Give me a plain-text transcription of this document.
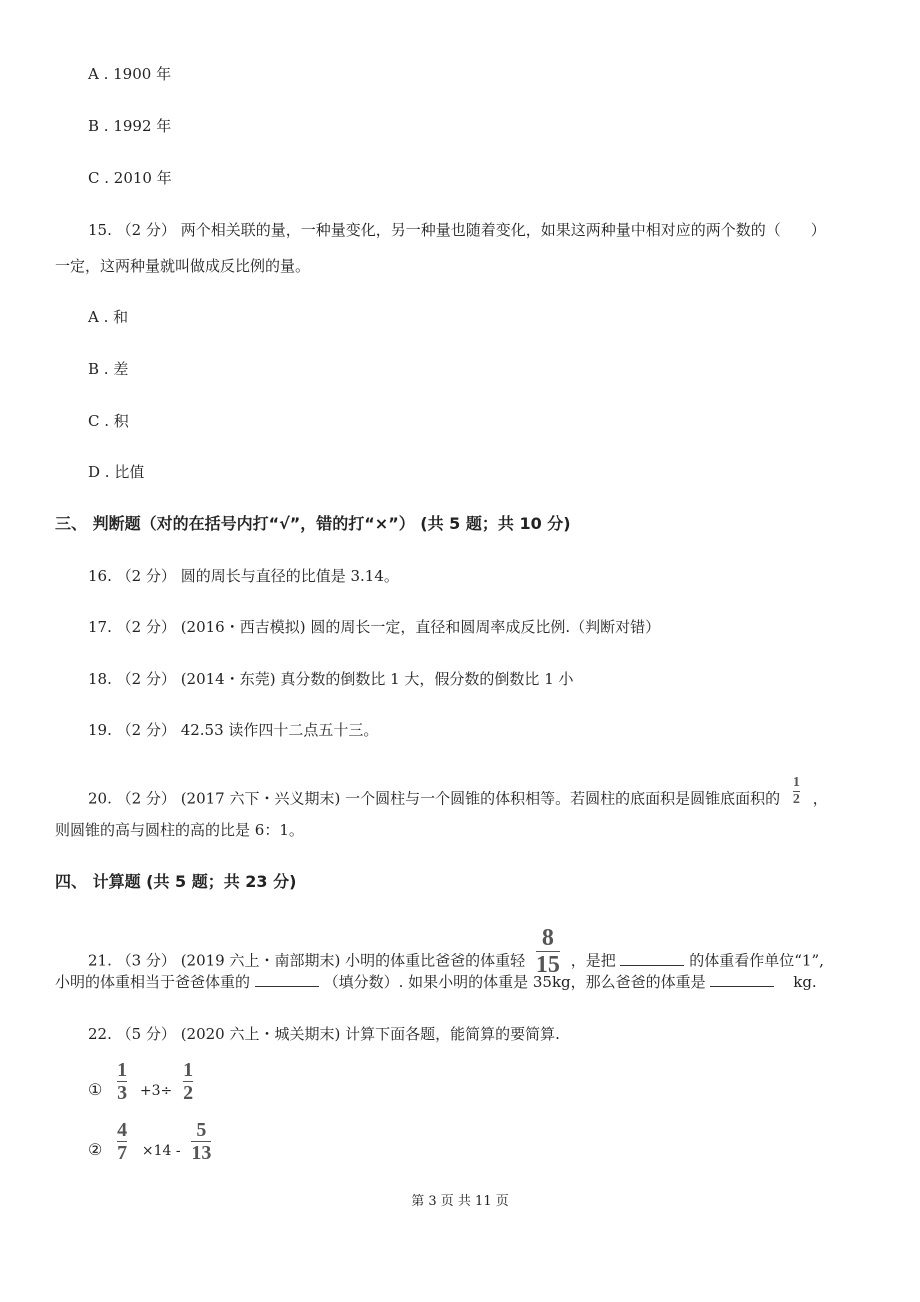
A . 1900 年
B . 1992 年
C . 2010 年
15. （2 分） 两个相关联的量，一种量变化，另一种量也随着变化，如果这两种量中相对应的两个数的（　　）
一定，这两种量就叫做成反比例的量。
A . 和
B . 差
C . 积
D . 比值
三、 判断题（对的在括号内打“√”，错的打“×”） (共 5 题；共 10 分)
16. （2 分） 圆的周长与直径的比值是 3.14。
17. （2 分） (2016・西吉模拟) 圆的周长一定，直径和圆周率成反比例.（判断对错）
18. （2 分） (2014・东莞) 真分数的倒数比 1 大，假分数的倒数比 1 小
19. （2 分） 42.53 读作四十二点五十三。
20. （2 分） (2017 六下・兴义期末) 一个圆柱与一个圆锥的体积相等。若圆柱的底面积是圆锥底面积的 $\frac{1}{2}$ ，
则圆锥的高与圆柱的高的比是 6：1。
四、 计算题 (共 5 题；共 23 分)
21. （3 分） (2019 六上・南部期末) 小明的体重比爸爸的体重轻 $\frac{8}{15}$ ，是把	的体重看作单位“1”,
小明的体重相当于爸爸体重的	（填分数）. 如果小明的体重是 35kg，那么爸爸的体重是	kg.
22. （5 分） (2020 六上・城关期末) 计算下面各题，能简算的要简算.
① $\frac{1}{3} +3\div \frac{1}{2}$
② $\frac{4}{7} \times 14 - \frac{5}{13}$
第 3 页 共 11 页
